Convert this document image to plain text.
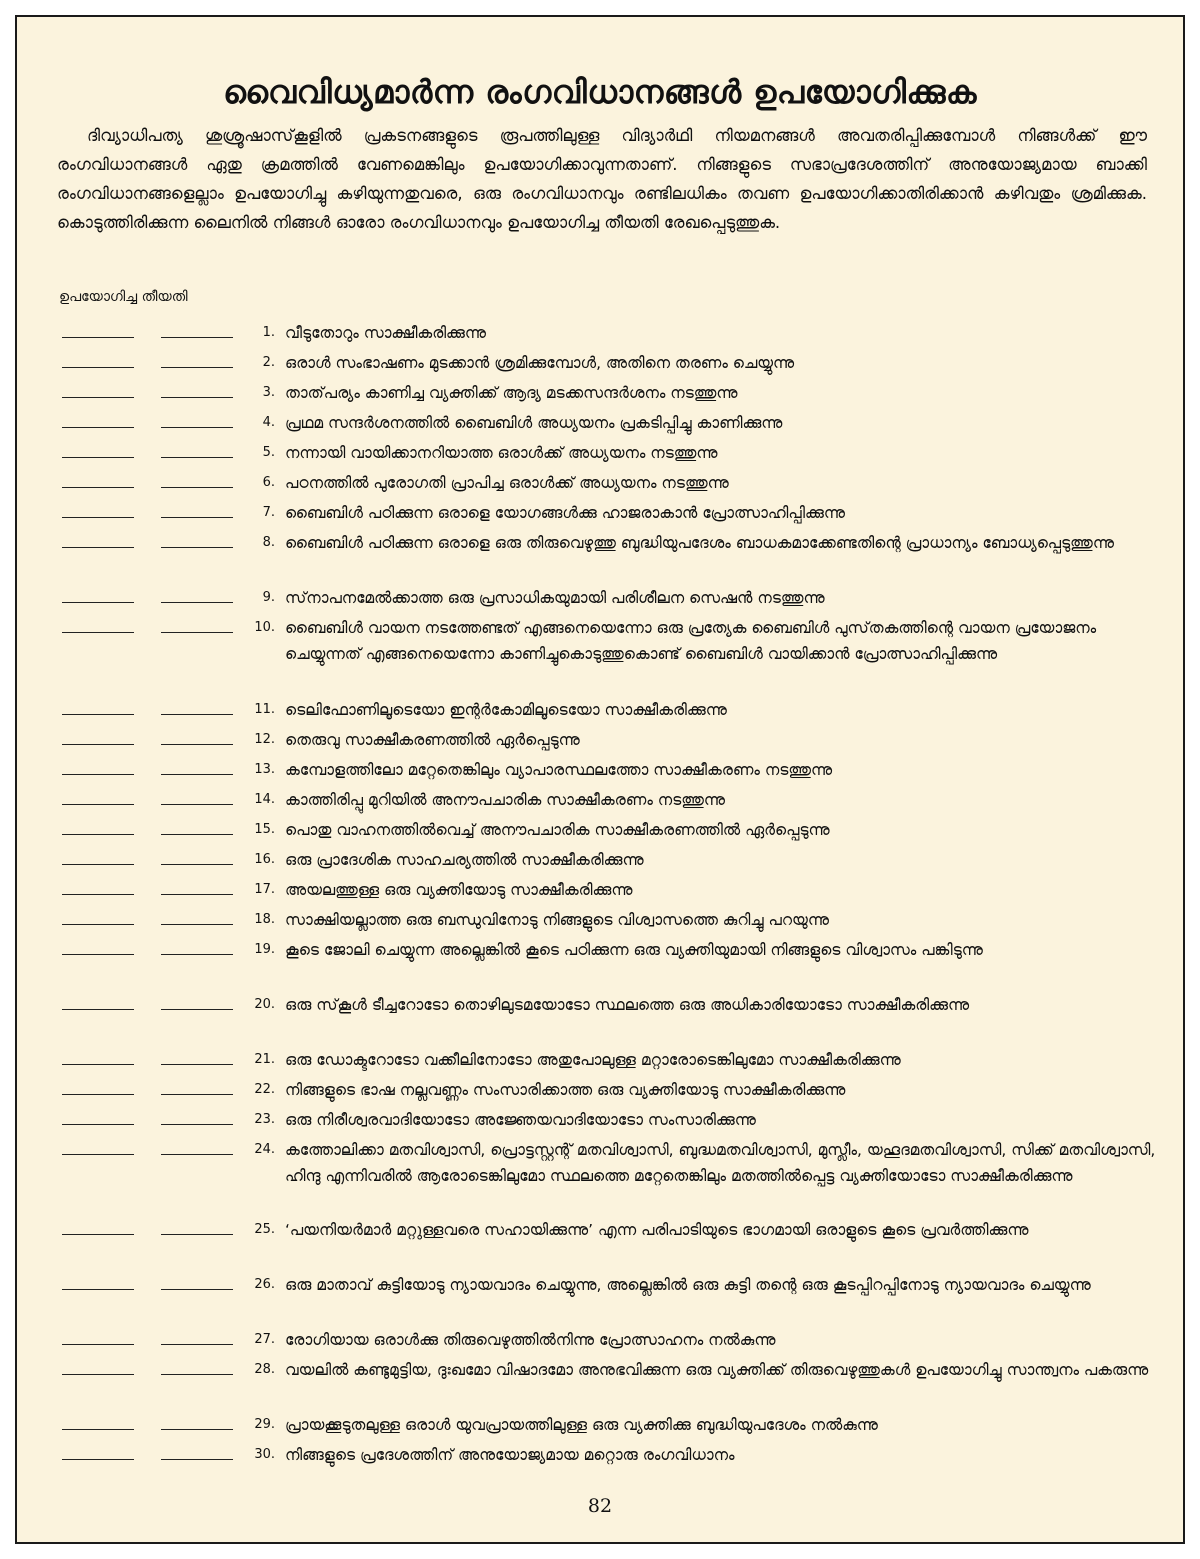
വൈവിധ്യമാർന്ന രംഗവിധാനങ്ങൾ ഉപയോഗിക്കുക

ദിവ്യാധിപത്യ ശുശ്രൂഷാസ്‌കൂളിൽ പ്രകടനങ്ങളുടെ രൂപത്തിലുള്ള വിദ്യാർഥി നിയമനങ്ങൾ അവതരിപ്പിക്കുമ്പോൾ നിങ്ങൾക്ക്‌ ഈ രംഗവിധാനങ്ങൾ ഏതു ക്രമത്തിൽ വേണമെങ്കിലും ഉപയോഗിക്കാവുന്നതാണ്‌. നിങ്ങളുടെ സഭാപ്രദേശത്തിന്‌ അനുയോജ്യമായ ബാക്കി രംഗവിധാനങ്ങളെല്ലാം ഉപയോഗിച്ചു കഴിയുന്നതുവരെ, ഒരു രംഗവിധാനവും രണ്ടിലധികം തവണ ഉപയോഗിക്കാതിരിക്കാൻ കഴിവതും ശ്രമിക്കുക. കൊടുത്തിരിക്കുന്ന ലൈനിൽ നിങ്ങൾ ഓരോ രംഗവിധാനവും ഉപയോഗിച്ച തീയതി രേഖപ്പെടുത്തുക.

ഉപയോഗിച്ച തീയതി
1. വീടുതോറും സാക്ഷീകരിക്കുന്നു
2. ഒരാൾ സംഭാഷണം മുടക്കാൻ ശ്രമിക്കുമ്പോൾ, അതിനെ തരണം ചെയ്യുന്നു
3. താത്‌പര്യം കാണിച്ച വ്യക്തിക്ക്‌ ആദ്യ മടക്കസന്ദർശനം നടത്തുന്നു
4. പ്രഥമ സന്ദർശനത്തിൽ ബൈബിൾ അധ്യയനം പ്രകടിപ്പിച്ചു കാണിക്കുന്നു
5. നന്നായി വായിക്കാനറിയാത്ത ഒരാൾക്ക്‌ അധ്യയനം നടത്തുന്നു
6. പഠനത്തിൽ പുരോഗതി പ്രാപിച്ച ഒരാൾക്ക്‌ അധ്യയനം നടത്തുന്നു
7. ബൈബിൾ പഠിക്കുന്ന ഒരാളെ യോഗങ്ങൾക്കു ഹാജരാകാൻ പ്രോത്സാഹിപ്പിക്കുന്നു
8. ബൈബിൾ പഠിക്കുന്ന ഒരാളെ ഒരു തിരുവെഴുത്തു ബുദ്ധിയുപദേശം ബാധകമാക്കേണ്ടതിന്റെ പ്രാധാന്യം ബോധ്യപ്പെടുത്തുന്നു
9. സ്‌നാപനമേൽക്കാത്ത ഒരു പ്രസാധികയുമായി പരിശീലന സെഷൻ നടത്തുന്നു
10. ബൈബിൾ വായന നടത്തേണ്ടത്‌ എങ്ങനെയെന്നോ ഒരു പ്രത്യേക ബൈബിൾ പുസ്‌തകത്തിന്റെ വായന പ്രയോജനം ചെയ്യുന്നത്‌ എങ്ങനെയെന്നോ കാണിച്ചുകൊടുത്തുകൊണ്ട്‌ ബൈബിൾ വായിക്കാൻ പ്രോത്സാഹിപ്പിക്കുന്നു
11. ടെലിഫോണിലൂടെയോ ഇന്റർകോമിലൂടെയോ സാക്ഷീകരിക്കുന്നു
12. തെരുവു സാക്ഷീകരണത്തിൽ ഏർപ്പെടുന്നു
13. കമ്പോളത്തിലോ മറ്റേതെങ്കിലും വ്യാപാരസ്ഥലത്തോ സാക്ഷീകരണം നടത്തുന്നു
14. കാത്തിരിപ്പു മുറിയിൽ അനൗപചാരിക സാക്ഷീകരണം നടത്തുന്നു
15. പൊതു വാഹനത്തിൽവെച്ച്‌ അനൗപചാരിക സാക്ഷീകരണത്തിൽ ഏർപ്പെടുന്നു
16. ഒരു പ്രാദേശിക സാഹചര്യത്തിൽ സാക്ഷീകരിക്കുന്നു
17. അയലത്തുള്ള ഒരു വ്യക്തിയോടു സാക്ഷീകരിക്കുന്നു
18. സാക്ഷിയല്ലാത്ത ഒരു ബന്ധുവിനോടു നിങ്ങളുടെ വിശ്വാസത്തെ കുറിച്ചു പറയുന്നു
19. കൂടെ ജോലി ചെയ്യുന്ന അല്ലെങ്കിൽ കൂടെ പഠിക്കുന്ന ഒരു വ്യക്തിയുമായി നിങ്ങളുടെ വിശ്വാസം പങ്കിടുന്നു
20. ഒരു സ്‌കൂൾ ടീച്ചറോടോ തൊഴിലുടമയോടോ സ്ഥലത്തെ ഒരു അധികാരിയോടോ സാക്ഷീകരിക്കുന്നു
21. ഒരു ഡോക്ടറോടോ വക്കീലിനോടോ അതുപോലുള്ള മറ്റാരോടെങ്കിലുമോ സാക്ഷീകരിക്കുന്നു
22. നിങ്ങളുടെ ഭാഷ നല്ലവണ്ണം സംസാരിക്കാത്ത ഒരു വ്യക്തിയോടു സാക്ഷീകരിക്കുന്നു
23. ഒരു നിരീശ്വരവാദിയോടോ അജ്ഞേയവാദിയോടോ സംസാരിക്കുന്നു
24. കത്തോലിക്കാ മതവിശ്വാസി, പ്രൊട്ടസ്റ്റന്റ്‌ മതവിശ്വാസി, ബുദ്ധമതവിശ്വാസി, മുസ്ലീം, യഹൂദമതവിശ്വാസി, സിക്ക്‌ മതവിശ്വാസി, ഹിന്ദു എന്നിവരിൽ ആരോടെങ്കിലുമോ സ്ഥലത്തെ മറ്റേതെങ്കിലും മതത്തിൽപ്പെട്ട വ്യക്തിയോടോ സാക്ഷീകരിക്കുന്നു
25. ‘പയനിയർമാർ മറ്റുള്ളവരെ സഹായിക്കുന്നു’ എന്ന പരിപാടിയുടെ ഭാഗമായി ഒരാളുടെ കൂടെ പ്രവർത്തിക്കുന്നു
26. ഒരു മാതാവ്‌ കുട്ടിയോടു ന്യായവാദം ചെയ്യുന്നു, അല്ലെങ്കിൽ ഒരു കുട്ടി തന്റെ ഒരു കൂടപ്പിറപ്പിനോടു ന്യായവാദം ചെയ്യുന്നു
27. രോഗിയായ ഒരാൾക്കു തിരുവെഴുത്തിൽനിന്നു പ്രോത്സാഹനം നൽകുന്നു
28. വയലിൽ കണ്ടുമുട്ടിയ, ദുഃഖമോ വിഷാദമോ അനുഭവിക്കുന്ന ഒരു വ്യക്തിക്ക്‌ തിരുവെഴുത്തുകൾ ഉപയോഗിച്ചു സാന്ത്വനം പകരുന്നു
29. പ്രായക്കൂടുതലുള്ള ഒരാൾ യുവപ്രായത്തിലുള്ള ഒരു വ്യക്തിക്കു ബുദ്ധിയുപദേശം നൽകുന്നു
30. നിങ്ങളുടെ പ്രദേശത്തിന്‌ അനുയോജ്യമായ മറ്റൊരു രംഗവിധാനം
82
